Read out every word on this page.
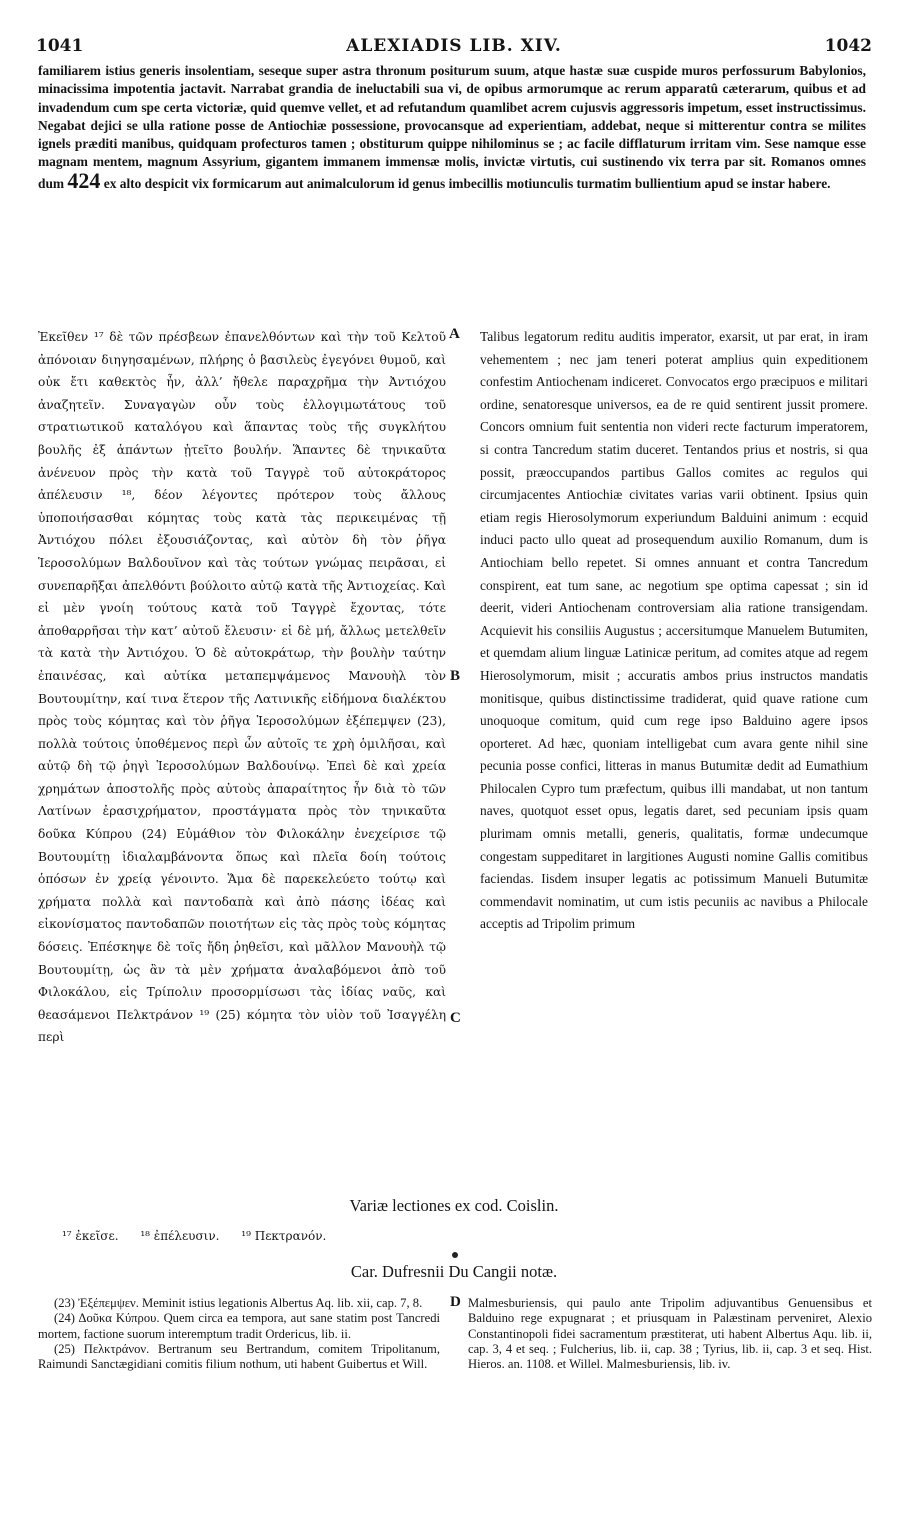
1041	ALEXIADIS LIB. XIV.	1042
familiarem istius generis insolentiam, seseque super astra thronum positurum suum, atque hastæ suæ cuspide muros perfossurum Babylonios, minacissima impotentia jactavit. Narrabat grandia de ineluctabili sua vi, de opibus armorumque ac rerum apparatû cæterarum, quibus et ad invadendum cum spe certa victoriæ, quid quemve vellet, et ad refutandum quamlibet acrem cujusvis aggressoris impetum, esset instructissimus. Negabat dejici se ulla ratione posse de Antiochiæ possessione, provocansque ad experientiam, addebat, neque si mitterentur contra se milites ignels præditi manibus, quidquam profecturos tamen ; obstiturum quippe nihilominus se ; ac facile difflaturum irritam vim. Sese namque esse magnam mentem, magnum Assyrium, gigantem immanem immensæ molis, invictæ virtutis, cui sustinendo vix terra par sit. Romanos omnes dum 424 ex alto despicit vix formicarum aut animalculorum id genus imbecillis motiunculis turmatim bullientium apud se instar habere.

Ἐκεῖθεν ¹⁷ δὲ τῶν πρέσβεων ἐπανελθόντων καὶ τὴν τοῦ Κελτοῦ ἀπόνοιαν διηγησαμένων, πλήρης ὁ βασιλεὺς ἐγεγόνει θυμοῦ, καὶ οὐκ ἔτι καθεκτὸς ἦν, ἀλλ’ ἤθελε παραχρῆμα τὴν Ἀντιόχου ἀναζητεῖν. Συναγαγὼν οὖν τοὺς ἐλλογιμωτάτους τοῦ στρατιωτικοῦ καταλόγου καὶ ἅπαντας τοὺς τῆς συγκλήτου βουλῆς ἐξ ἁπάντων ᾐτεῖτο βουλήν. Ἅπαντες δὲ τηνικαῦτα ἀνένευον πρὸς τὴν κατὰ τοῦ Ταγγρὲ τοῦ αὐτοκράτορος ἀπέλευσιν ¹⁸, δέον λέγοντες πρότερον τοὺς ἄλλους ὑποποιήσασθαι κόμητας τοὺς κατὰ τὰς περικειμένας τῇ Ἀντιόχου πόλει ἐξουσιάζοντας, καὶ αὐτὸν δὴ τὸν ῥῆγα Ἱεροσολύμων Βαλδουῖνον καὶ τὰς τούτων γνώμας πειρᾶσαι, εἰ συνεπαρῆξαι ἀπελθόντι βούλοιτο αὐτῷ κατὰ τῆς Ἀντιοχείας. Καὶ εἰ μὲν γνοίη τούτους κατὰ τοῦ Ταγγρὲ ἔχοντας, τότε ἀποθαρρῆσαι τὴν κατ’ αὐτοῦ ἔλευσιν· εἰ δὲ μή, ἄλλως μετελθεῖν τὰ κατὰ τὴν Ἀντιόχου. Ὁ δὲ αὐτοκράτωρ, τὴν βουλὴν ταύτην ἐπαινέσας, καὶ αὐτίκα μεταπεμψάμενος Μανουὴλ τὸν Βουτουμίτην, καί τινα ἕτερον τῆς Λατινικῆς εἰδήμονα διαλέκτου πρὸς τοὺς κόμητας καὶ τὸν ῥῆγα Ἱεροσολύμων ἐξέπεμψεν (23), πολλὰ τούτοις ὑποθέμενος περὶ ὧν αὐτοῖς τε χρὴ ὁμιλῆσαι, καὶ αὐτῷ δὴ τῷ ῥηγὶ Ἱεροσολύμων Βαλδουίνῳ. Ἐπεὶ δὲ καὶ χρεία χρημάτων ἀποστολῆς πρὸς αὐτοὺς ἀπαραίτητος ἦν διὰ τὸ τῶν Λατίνων ἐρασιχρήματον, προστάγματα πρὸς τὸν τηνικαῦτα δοῦκα Κύπρου (24) Εὐμάθιον τὸν Φιλοκάλην ἐνεχείρισε τῷ Βουτουμίτῃ ἰδιαλαμβάνοντα ὅπως καὶ πλεῖα δοίη τούτοις ὁπόσων ἐν χρείᾳ γένοιντο. Ἅμα δὲ παρεκελεύετο τούτῳ καὶ χρήματα πολλὰ καὶ παντοδαπὰ καὶ ἀπὸ πάσης ἰδέας καὶ εἰκονίσματος παντοδαπῶν ποιοτήτων εἰς τὰς πρὸς τοὺς κόμητας δόσεις. Ἐπέσκηψε δὲ τοῖς ἤδη ῥηθεῖσι, καὶ μᾶλλον Μανουὴλ τῷ Βουτουμίτῃ, ὡς ἂν τὰ μὲν χρήματα ἀναλαβόμενοι ἀπὸ τοῦ Φιλοκάλου, εἰς Τρίπολιν προσορμίσωσι τὰς ἰδίας ναῦς, καὶ θεασάμενοι Πελκτράνον ¹⁹ (25) κόμητα τὸν υἱὸν τοῦ Ἰσαγγέλη περὶ

Talibus legatorum reditu auditis imperator, exarsit, ut par erat, in iram vehementem ; nec jam teneri poterat amplius quin expeditionem confestim Antiochenam indiceret. Convocatos ergo præcipuos e militari ordine, senatoresque universos, ea de re quid sentirent jussit promere. Concors omnium fuit sententia non videri recte facturum imperatorem, si contra Tancredum statim duceret. Tentandos prius et nostris, si qua possit, præoccupandos partibus Gallos comites ac regulos qui circumjacentes Antiochiæ civitates varias varii obtinent. Ipsius quin etiam regis Hierosolymorum experiundum Balduini animum : ecquid induci pacto ullo queat ad prosequendum auxilio Romanum, dum is Antiochiam bello repetet. Si omnes annuant et contra Tancredum conspirent, eat tum sane, ac negotium spe optima capessat ; sin id deerit, videri Antiochenam controversiam alia ratione transigendam. Acquievit his consiliis Augustus ; accersitumque Manuelem Butumiten, et quemdam alium linguæ Latinicæ peritum, ad comites atque ad regem Hierosolymorum, misit ; accuratis ambos prius instructos mandatis monitisque, quibus distinctissime tradiderat, quid quave ratione cum unoquoque comitum, quid cum rege ipso Balduino agere ipsos oporteret. Ad hæc, quoniam intelligebat cum avara gente nihil sine pecunia posse confici, litteras in manus Butumitæ dedit ad Eumathium Philocalen Cypro tum præfectum, quibus illi mandabat, ut non tantum naves, quotquot esset opus, legatis daret, sed pecuniam ipsis quam plurimam omnis metalli, generis, qualitatis, formæ undecumque congestam suppeditaret in largitiones Augusti nomine Gallis comitibus faciendas. Iisdem insuper legatis ac potissimum Manueli Butumitæ commendavit nominatim, ut cum istis pecuniis ac navibus a Philocale acceptis ad Tripolim primum

A
B
C
D
Variæ lectiones ex cod. Coislin.
¹⁷ ἐκεῖσε. ¹⁸ ἐπέλευσιν. ¹⁹ Πεκτρανόν.
Car. Dufresnii Du Cangii notæ.

(23) Ἐξέπεμψεν. Meminit istius legationis Albertus Aq. lib. xii, cap. 7, 8.

(24) Δοῦκα Κύπρου. Quem circa ea tempora, aut sane statim post Tancredi mortem, factione suorum interemptum tradit Ordericus, lib. ii.

(25) Πελκτράνον. Bertranum seu Bertrandum, comitem Tripolitanum, Raimundi Sanctægidiani comitis filium nothum, uti habent Guibertus et Will.

Malmesburiensis, qui paulo ante Tripolim adjuvantibus Genuensibus et Balduino rege expugnarat ; et priusquam in Palæstinam perveniret, Alexio Constantinopoli fidei sacramentum præstiterat, uti habent Albertus Aqu. lib. ii, cap. 3, 4 et seq. ; Fulcherius, lib. ii, cap. 38 ; Tyrius, lib. ii, cap. 3 et seq. Hist. Hieros. an. 1108. et Willel. Malmesburiensis, lib. iv.
